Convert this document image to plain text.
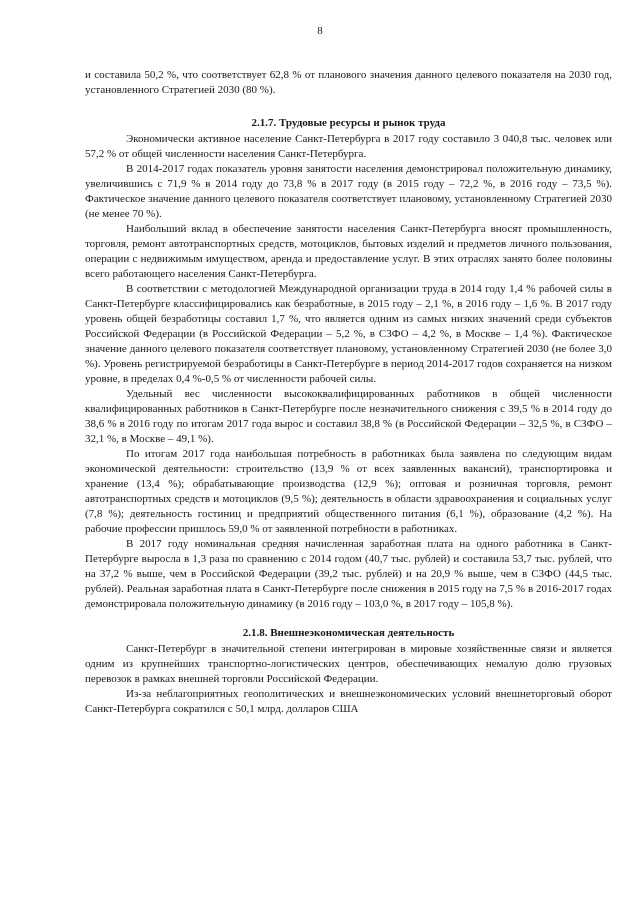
8

и составила 50,2 %, что соответствует 62,8 % от планового значения данного целевого показателя на 2030 год, установленного Стратегией 2030 (80 %).

2.1.7. Трудовые ресурсы и рынок труда

Экономически активное население Санкт-Петербурга в 2017 году составило 3 040,8 тыс. человек или 57,2 % от общей численности населения Санкт-Петербурга.

В 2014-2017 годах показатель уровня занятости населения демонстрировал положительную динамику, увеличившись с 71,9 % в 2014 году до 73,8 % в 2017 году (в 2015 году – 72,2 %, в 2016 году – 73,5 %). Фактическое значение данного целевого показателя соответствует плановому, установленному Стратегией 2030 (не менее 70 %).

Наибольший вклад в обеспечение занятости населения Санкт-Петербурга вносят промышленность, торговля, ремонт автотранспортных средств, мотоциклов, бытовых изделий и предметов личного пользования, операции с недвижимым имуществом, аренда и предоставление услуг. В этих отраслях занято более половины всего работающего населения Санкт-Петербурга.

В соответствии с методологией Международной организации труда в 2014 году 1,4 % рабочей силы в Санкт-Петербурге классифицировались как безработные, в 2015 году – 2,1 %, в 2016 году – 1,6 %. В 2017 году уровень общей безработицы составил 1,7 %, что является одним из самых низких значений среди субъектов Российской Федерации (в Российской Федерации – 5,2 %, в СЗФО – 4,2 %, в Москве – 1,4 %). Фактическое значение данного целевого показателя соответствует плановому, установленному Стратегией 2030 (не более 3,0 %). Уровень регистрируемой безработицы в Санкт-Петербурге в период 2014-2017 годов сохраняется на низком уровне, в пределах 0,4 %-0,5 % от численности рабочей силы.

Удельный вес численности высококвалифицированных работников в общей численности квалифицированных работников в Санкт-Петербурге после незначительного снижения с 39,5 % в 2014 году до 38,6 % в 2016 году по итогам 2017 года вырос и составил 38,8 % (в Российской Федерации – 32,5 %, в СЗФО – 32,1 %, в Москве – 49,1 %).

По итогам 2017 года наибольшая потребность в работниках была заявлена по следующим видам экономической деятельности: строительство (13,9 % от всех заявленных вакансий), транспортировка и хранение (13,4 %); обрабатывающие производства (12,9 %); оптовая и розничная торговля, ремонт автотранспортных средств и мотоциклов (9,5 %); деятельность в области здравоохранения и социальных услуг (7,8 %); деятельность гостиниц и предприятий общественного питания (6,1 %), образование (4,2 %). На рабочие профессии пришлось 59,0 % от заявленной потребности в работниках.

В 2017 году номинальная средняя начисленная заработная плата на одного работника в Санкт-Петербурге выросла в 1,3 раза по сравнению с 2014 годом (40,7 тыс. рублей) и составила 53,7 тыс. рублей, что на 37,2 % выше, чем в Российской Федерации (39,2 тыс. рублей) и на 20,9 % выше, чем в СЗФО (44,5 тыс. рублей). Реальная заработная плата в Санкт-Петербурге после снижения в 2015 году на 7,5 % в 2016-2017 годах демонстрировала положительную динамику (в 2016 году – 103,0 %, в 2017 году – 105,8 %).

2.1.8. Внешнеэкономическая деятельность

Санкт-Петербург в значительной степени интегрирован в мировые хозяйственные связи и является одним из крупнейших транспортно-логистических центров, обеспечивающих немалую долю грузовых перевозок в рамках внешней торговли Российской Федерации.

Из-за неблагоприятных геополитических и внешнеэкономических условий внешнеторговый оборот Санкт-Петербурга сократился с 50,1 млрд. долларов США
